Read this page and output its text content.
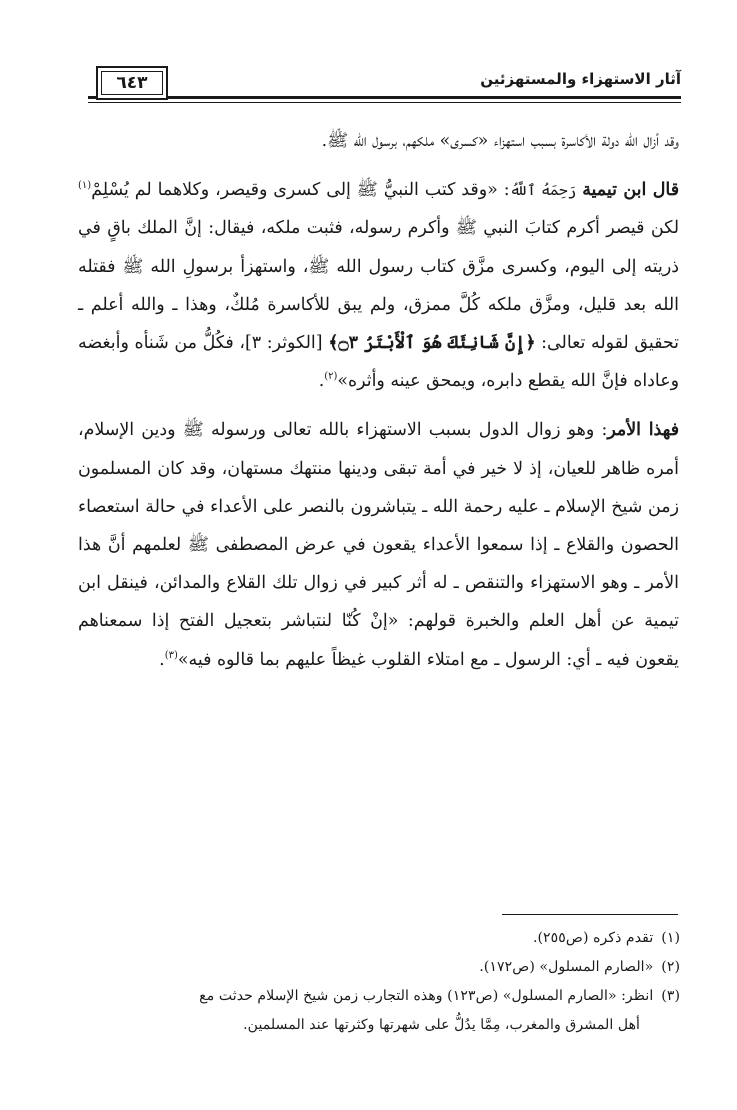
٦٤٣	آثار الاستهزاء والمستهزئين

وقد أزال الله دولة الأكاسرة بسبب استهزاء «كسرى» ملكهم، برسول الله ﷺ.

قال ابن تيمية رَحِمَهُ ٱللَّهُ: «وقد كتب النبيُّ ﷺ إلى كسرى وقيصر، وكلاهما لم يُسْلِمْ$^{(١)}$ لكن قيصر أكرم كتابَ النبي ﷺ وأكرم رسوله، فثبت ملكه، فيقال: إنَّ الملك باقٍ في ذريته إلى اليوم، وكسرى مزَّق كتاب رسول الله ﷺ، واستهزأ برسولِ الله ﷺ فقتله الله بعد قليل، ومزَّق ملكه كُلَّ ممزق، ولم يبق للأكاسرة مُلكٌ، وهذا ـ والله أعلم ـ تحقيق لقوله تعالى: ﴿إِنَّ شَانِئَكَ هُوَ ٱلْأَبْتَرُ ۝٣﴾ [الكوثر: ٣]، فكُلُّ من شَنأه وأبغضه وعاداه فإنَّ الله يقطع دابره، ويمحق عينه وأثره»$^{(٢)}$.

فهذا الأمر: وهو زوال الدول بسبب الاستهزاء بالله تعالى ورسوله ﷺ ودين الإسلام، أمره ظاهر للعيان، إذ لا خير في أمة تبقى ودينها منتهك مستهان، وقد كان المسلمون زمن شيخ الإسلام ـ عليه رحمة الله ـ يتباشرون بالنصر على الأعداء في حالة استعصاء الحصون والقلاع ـ إذا سمعوا الأعداء يقعون في عرض المصطفى ﷺ لعلمهم أنَّ هذا الأمر ـ وهو الاستهزاء والتنقص ـ له أثر كبير في زوال تلك القلاع والمدائن، فينقل ابن تيمية عن أهل العلم والخبرة قولهم: «إنْ كُنّا لنتباشر بتعجيل الفتح إذا سمعناهم يقعون فيه ـ أي: الرسول ـ مع امتلاء القلوب غيظاً عليهم بما قالوه فيه»$^{(٣)}$.

(١)تقدم ذكره (ص٢٥٥).

(٢)«الصارم المسلول» (ص١٧٢).

(٣)انظر: «الصارم المسلول» (ص١٢٣) وهذه التجارب زمن شيخ الإسلام حدثت مع

أهل المشرق والمغرب، مِمَّا يدُلُّ على شهرتها وكثرتها عند المسلمين.
